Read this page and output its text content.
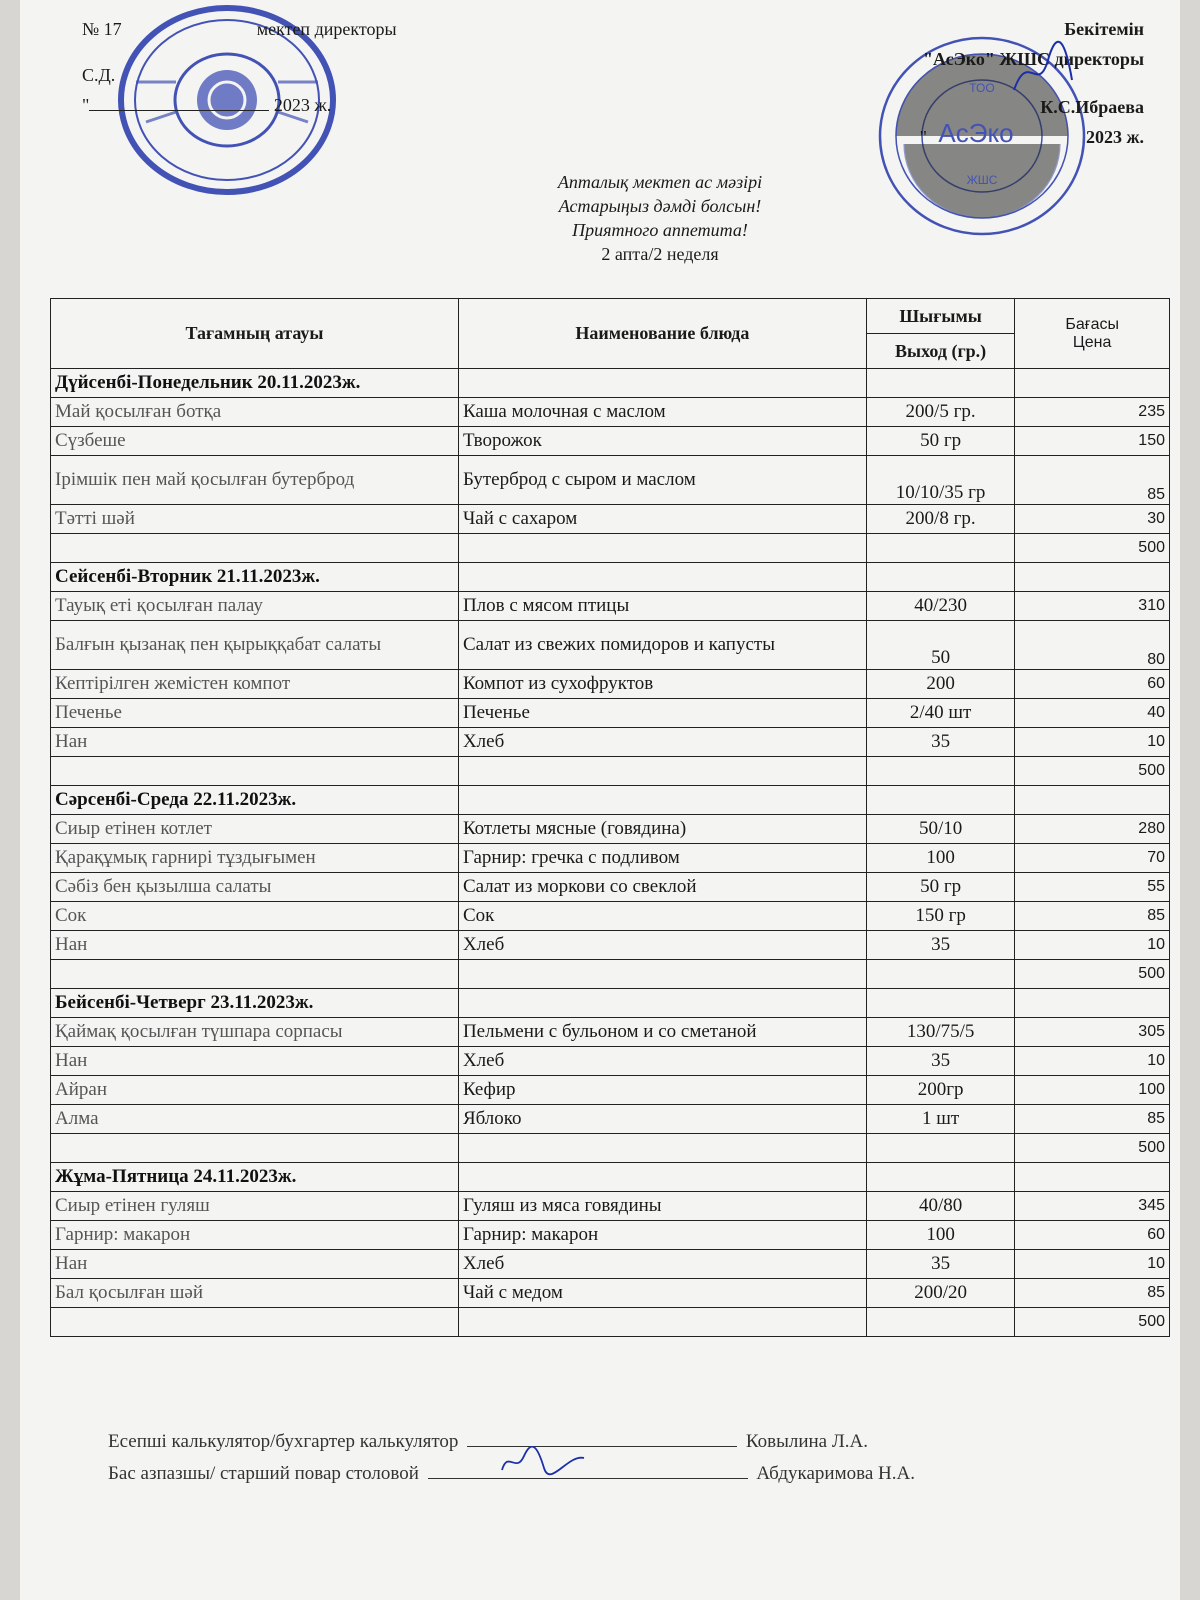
№ 17	мектеп директоры
С.Д.
"	2023 ж.
ТОО
АсЭко
ЖШС
Бекітемін
"АсЭко" ЖШС директоры
К.С.Ибраева
"	2023 ж.
Апталық мектеп ас мәзірі
Астарыңыз дәмді болсын!
Приятного аппетита!
2 апта/2 неделя
Тағамның атауы	Наименование блюда	Шығымы	Бағасы
Цена

		Выход (гр.)	
Дүйсенбі-Понедельник 20.11.2023ж.			
Май қосылған ботқа	Каша молочная с маслом	200/5 гр.	235
Сүзбеше	Творожок	50 гр	150
Ірімшік пен май қосылған бутерброд	Бутерброд с сыром и маслом	10/10/35 гр	85
Тәтті шәй	Чай с сахаром	200/8 гр.	30
			500
Сейсенбі-Вторник 21.11.2023ж.			
Тауық еті қосылған палау	Плов с мясом птицы	40/230	310
Балғын қызанақ пен қырыққабат салаты	Салат из свежих помидоров и капусты	50	80
Кептірілген жемістен компот	Компот из сухофруктов	200	60
Печенье	Печенье	2/40 шт	40
Нан	Хлеб	35	10
			500
Сәрсенбі-Среда 22.11.2023ж.			
Сиыр етінен котлет	Котлеты мясные (говядина)	50/10	280
Қарақұмық гарнирі тұздығымен	Гарнир: гречка с подливом	100	70
Сәбіз бен қызылша салаты	Салат из моркови со свеклой	50 гр	55
Сок	Сок	150 гр	85
Нан	Хлеб	35	10
			500
Бейсенбі-Четверг 23.11.2023ж.			
Қаймақ қосылған түшпара сорпасы	Пельмени с бульоном и со сметаной	130/75/5	305
Нан	Хлеб	35	10
Айран	Кефир	200гр	100
Алма	Яблоко	1 шт	85
			500
Жұма-Пятница 24.11.2023ж.			
Сиыр етінен гуляш	Гуляш из мяса говядины	40/80	345
Гарнир: макарон	Гарнир: макарон	100	60
Нан	Хлеб	35	10
Бал қосылған шәй	Чай с медом	200/20	85
			500
Есепші калькулятор/бухгартер калькулятор	Ковылина Л.А.
Бас азпазшы/ старший повар столовой	Абдукаримова Н.А.
